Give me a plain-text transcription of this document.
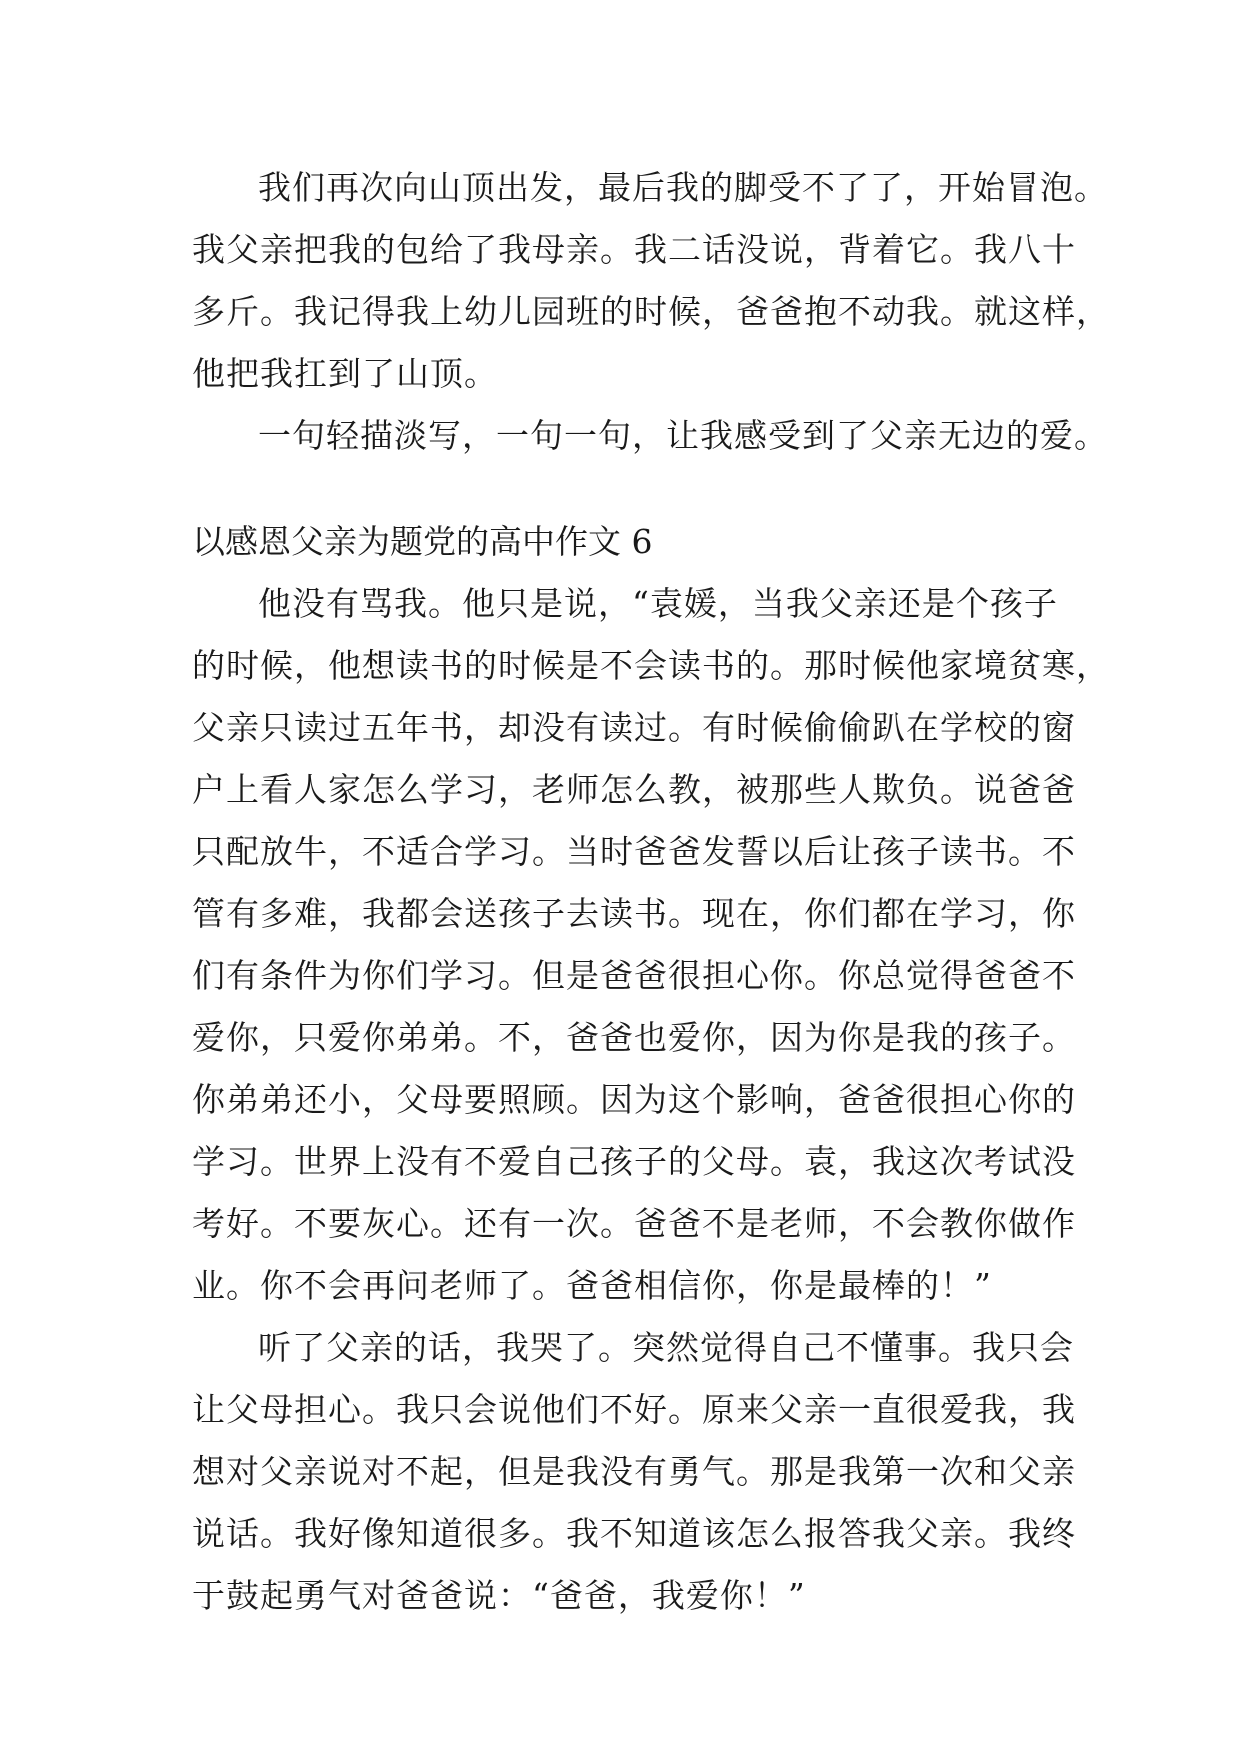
我们再次向山顶出发，最后我的脚受不了了，开始冒泡。
我父亲把我的包给了我母亲。我二话没说，背着它。我八十
多斤。我记得我上幼儿园班的时候，爸爸抱不动我。就这样，
他把我扛到了山顶。
一句轻描淡写，一句一句，让我感受到了父亲无边的爱。
以感恩父亲为题党的高中作文 6
他没有骂我。他只是说，“袁媛，当我父亲还是个孩子
的时候，他想读书的时候是不会读书的。那时候他家境贫寒，
父亲只读过五年书，却没有读过。有时候偷偷趴在学校的窗
户上看人家怎么学习，老师怎么教，被那些人欺负。说爸爸
只配放牛，不适合学习。当时爸爸发誓以后让孩子读书。不
管有多难，我都会送孩子去读书。现在，你们都在学习，你
们有条件为你们学习。但是爸爸很担心你。你总觉得爸爸不
爱你，只爱你弟弟。不，爸爸也爱你，因为你是我的孩子。
你弟弟还小，父母要照顾。因为这个影响，爸爸很担心你的
学习。世界上没有不爱自己孩子的父母。袁，我这次考试没
考好。不要灰心。还有一次。爸爸不是老师，不会教你做作
业。你不会再问老师了。爸爸相信你，你是最棒的！”
听了父亲的话，我哭了。突然觉得自己不懂事。我只会
让父母担心。我只会说他们不好。原来父亲一直很爱我，我
想对父亲说对不起，但是我没有勇气。那是我第一次和父亲
说话。我好像知道很多。我不知道该怎么报答我父亲。我终
于鼓起勇气对爸爸说：“爸爸，我爱你！”
